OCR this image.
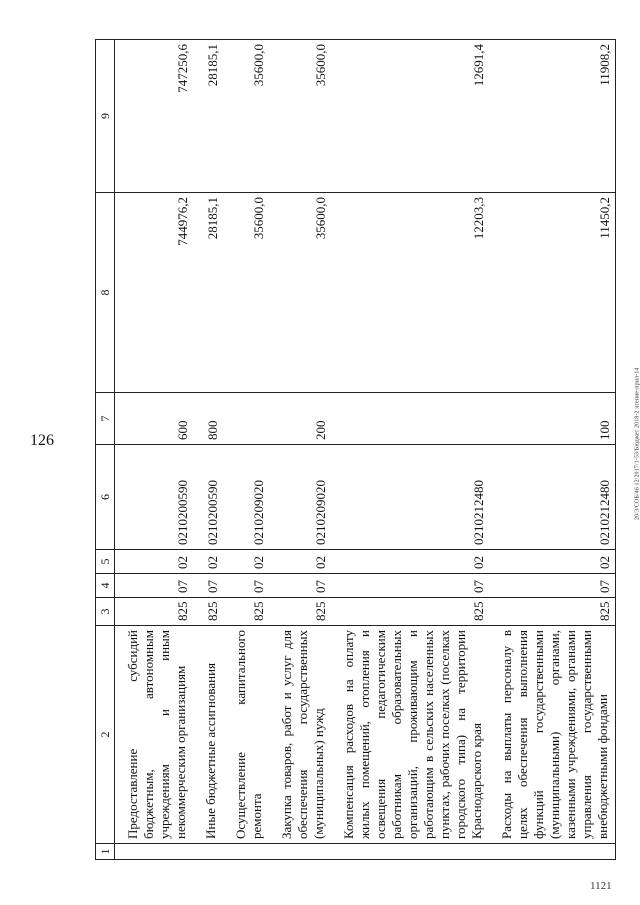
126	20/3/СОБ/46 12/2017/1-53/Бюджет 2018-2 чтение-прил-14
1121
1	2	3	4	5	6	7	8	9
	Предоставление субсидий бюджетным, автономным учреждениям и иным некоммерческим организациям	825	07	02	0210200590	600	744976,2	747250,6
	Иные бюджетные ассигнования	825	07	02	0210200590	800	28185,1	28185,1
	Осуществление капитального ремонта	825	07	02	0210209020		35600,0	35600,0
	Закупка товаров, работ и услуг для обеспечения государственных (муниципальных) нужд	825	07	02	0210209020	200	35600,0	35600,0
	Компенсация расходов на оплату жилых помещений, отопления и освещения педагогическим работникам образовательных организаций, проживающим и работающим в сельских населенных пунктах, рабочих поселках (поселках городского типа) на территории Краснодарского края	825	07	02	0210212480		12203,3	12691,4
	Расходы на выплаты персоналу в целях обеспечения выполнения функций государственными (муниципальными) органами, казенными учреждениями, органами управления государственными внебюджетными фондами	825	07	02	0210212480	100	11450,2	11908,2
